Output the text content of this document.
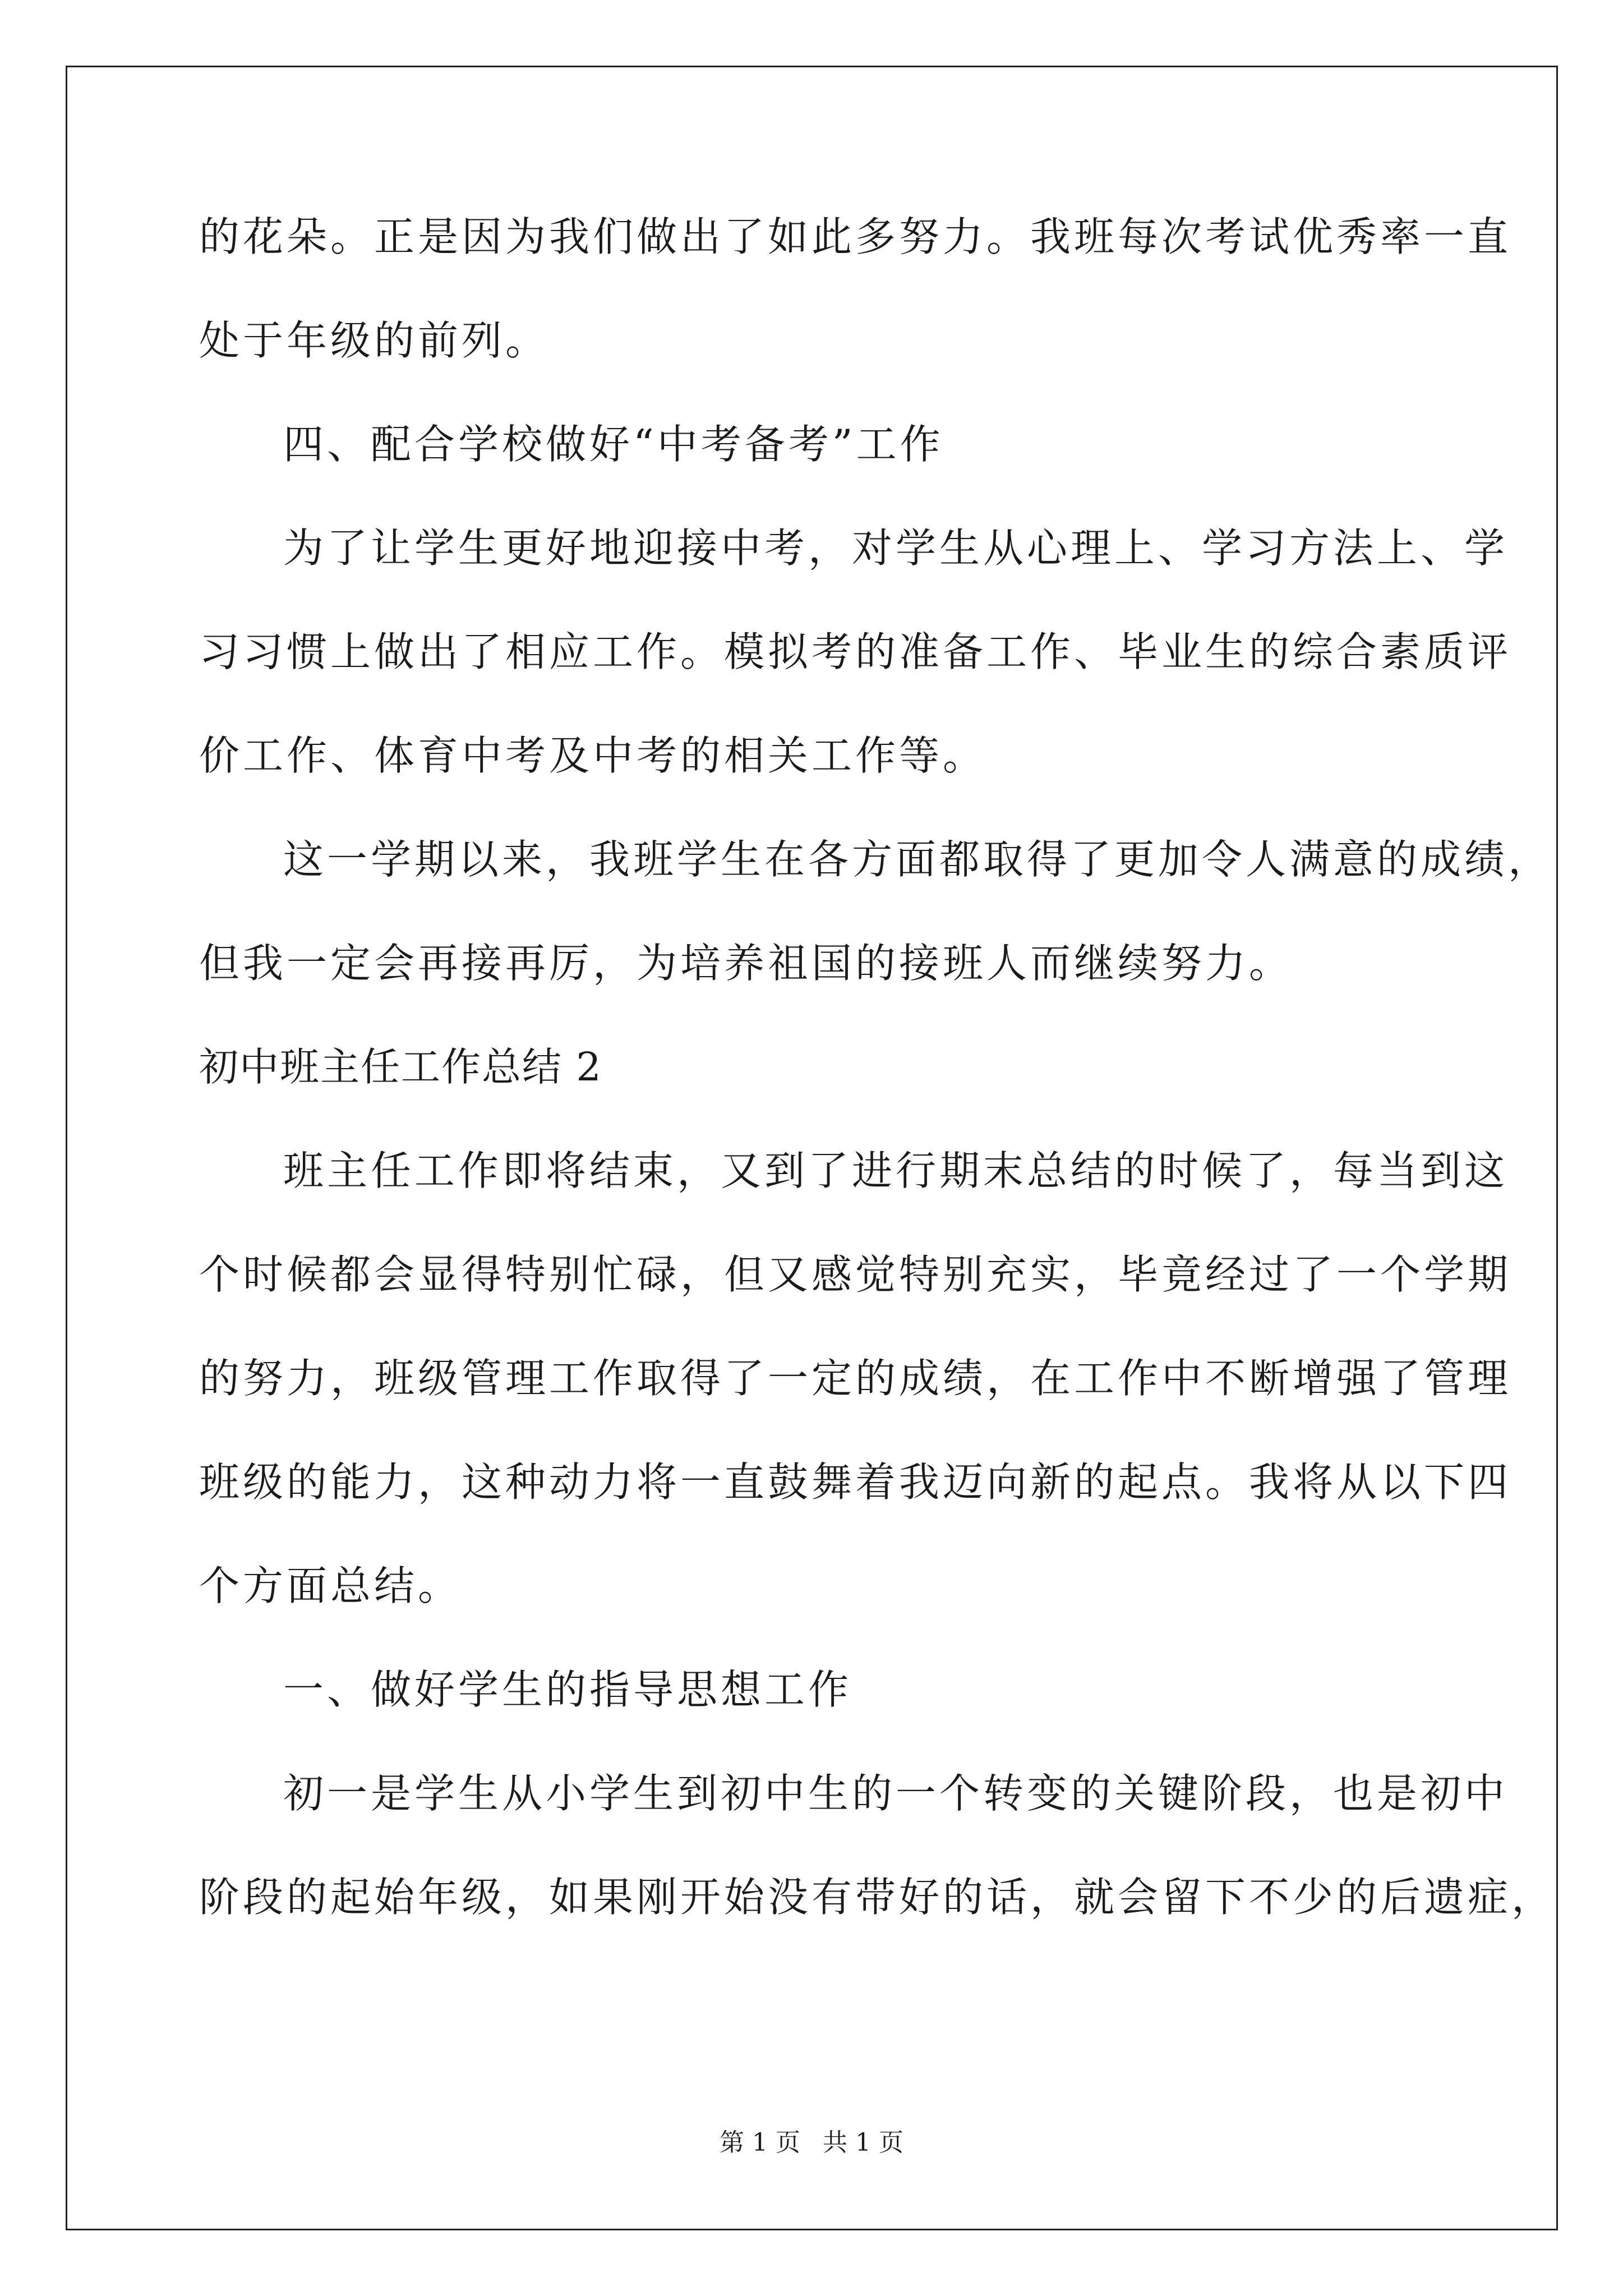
的花朵。正是因为我们做出了如此多努力。我班每次考试优秀率一直
处于年级的前列。
四、配合学校做好“中考备考”工作
为了让学生更好地迎接中考，对学生从心理上、学习方法上、学
习习惯上做出了相应工作。模拟考的准备工作、毕业生的综合素质评
价工作、体育中考及中考的相关工作等。
这一学期以来，我班学生在各方面都取得了更加令人满意的成绩，
但我一定会再接再厉，为培养祖国的接班人而继续努力。
初中班主任工作总结 2
班主任工作即将结束，又到了进行期末总结的时候了，每当到这
个时候都会显得特别忙碌，但又感觉特别充实，毕竟经过了一个学期
的努力，班级管理工作取得了一定的成绩，在工作中不断增强了管理
班级的能力，这种动力将一直鼓舞着我迈向新的起点。我将从以下四
个方面总结。
一、做好学生的指导思想工作
初一是学生从小学生到初中生的一个转变的关键阶段，也是初中
阶段的起始年级，如果刚开始没有带好的话，就会留下不少的后遗症，
第 1 页 共 1 页
